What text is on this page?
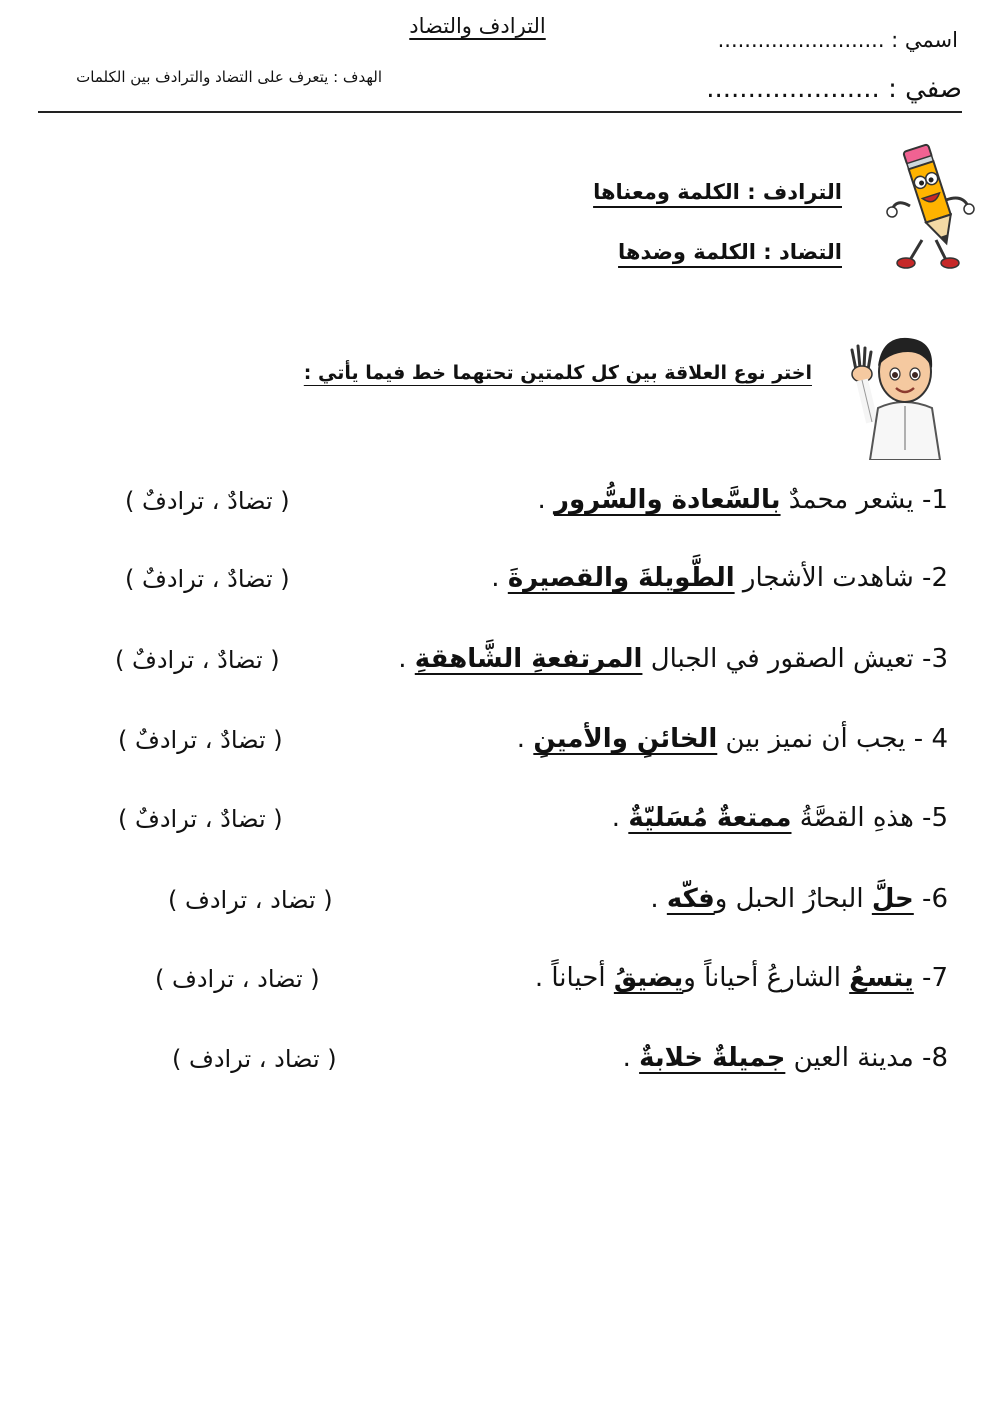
الترادف والتضاد
الهدف : يتعرف على التضاد والترادف بين الكلمات
اسمي : .........................
صفي : .....................
الترادف : الكلمة ومعناها
التضاد : الكلمة وضدها
اختر نوع العلاقة بين كل كلمتين تحتهما خط فيما يأتي :
1- يشعر محمدٌ بالسَّعادة والسُّرور .
( تضادٌ ، ترادفٌ )
2- شاهدت الأشجار الطَّويلةَ والقصيرةَ .
( تضادٌ ، ترادفٌ )
3- تعيش الصقور في الجبال المرتفعةِ الشَّاهقةِ .
( تضادٌ ، ترادفٌ )
4 - يجب أن نميز بين الخائنِ والأمينِ .
( تضادٌ ، ترادفٌ )
5- هذهِ القصَّةُ ممتعةٌ مُسَليّةٌ .
( تضادٌ ، ترادفٌ )
6- حلَّ البحارُ الحبل وفكّه .
( تضاد ، ترادف )
7- يتسعُ الشارعُ أحياناً ويضيقُ أحياناً .
( تضاد ، ترادف )
8- مدينة العين جميلةٌ خلابةٌ .
( تضاد ، ترادف )
